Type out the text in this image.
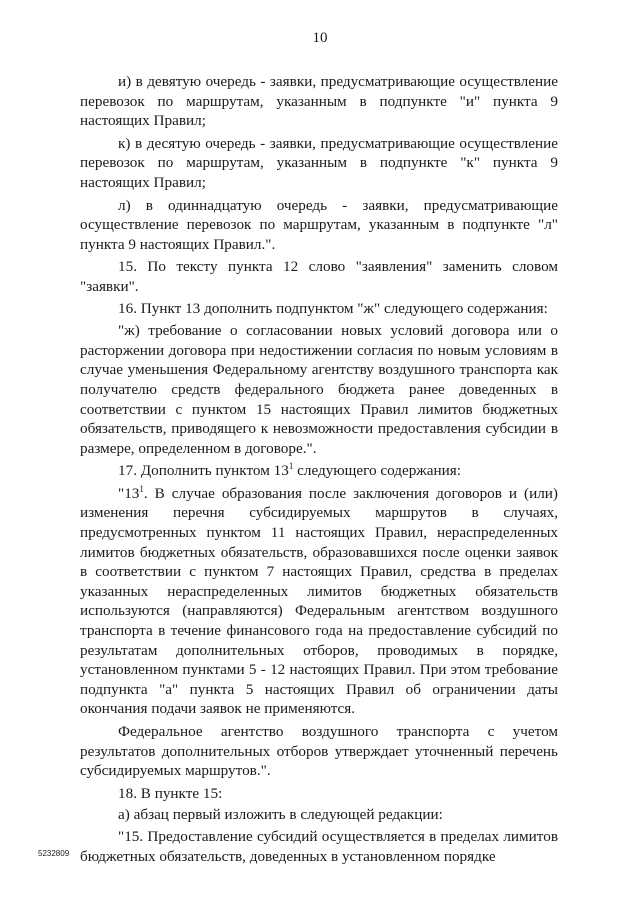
10

и) в девятую очередь - заявки, предусматривающие осуществление перевозок по маршрутам, указанным в подпункте "и" пункта 9 настоящих Правил;

к) в десятую очередь - заявки, предусматривающие осуществление перевозок по маршрутам, указанным в подпункте "к" пункта 9 настоящих Правил;

л) в одиннадцатую очередь - заявки, предусматривающие осуществление перевозок по маршрутам, указанным в подпункте "л" пункта 9 настоящих Правил.".

15. По тексту пункта 12 слово "заявления" заменить словом "заявки".

16. Пункт 13 дополнить подпунктом "ж" следующего содержания:

"ж) требование о согласовании новых условий договора или о расторжении договора при недостижении согласия по новым условиям в случае уменьшения Федеральному агентству воздушного транспорта как получателю средств федерального бюджета ранее доведенных в соответствии с пунктом 15 настоящих Правил лимитов бюджетных обязательств, приводящего к невозможности предоставления субсидии в размере, определенном в договоре.".

17. Дополнить пунктом $13^1$ следующего содержания:

"$13^1$. В случае образования после заключения договоров и (или) изменения перечня субсидируемых маршрутов в случаях, предусмотренных пунктом 11 настоящих Правил, нераспределенных лимитов бюджетных обязательств, образовавшихся после оценки заявок в соответствии с пунктом 7 настоящих Правил, средства в пределах указанных нераспределенных лимитов бюджетных обязательств используются (направляются) Федеральным агентством воздушного транспорта в течение финансового года на предоставление субсидий по результатам дополнительных отборов, проводимых в порядке, установленном пунктами 5 - 12 настоящих Правил. При этом требование подпункта "а" пункта 5 настоящих Правил об ограничении даты окончания подачи заявок не применяются.

Федеральное агентство воздушного транспорта с учетом результатов дополнительных отборов утверждает уточненный перечень субсидируемых маршрутов.".

18. В пункте 15:

а) абзац первый изложить в следующей редакции:

"15. Предоставление субсидий осуществляется в пределах лимитов бюджетных обязательств, доведенных в установленном порядке

5232809
